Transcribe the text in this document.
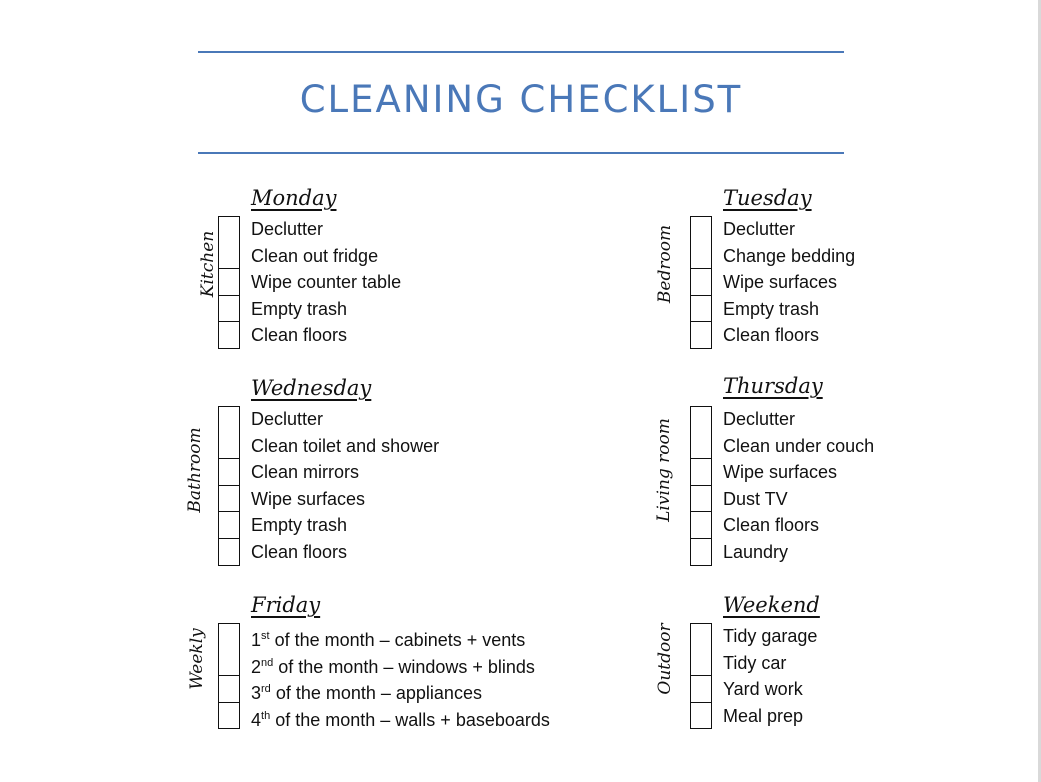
CLEANING CHECKLIST
Monday
Kitchen
Declutter
Clean out fridge
Wipe counter table
Empty trash
Clean floors
Tuesday
Bedroom	Declutter
Change bedding
Wipe surfaces
Empty trash
Clean floors
Wednesday
Bathroom
Declutter
Clean toilet and shower
Clean mirrors
Wipe surfaces
Empty trash
Clean floors
Thursday
Living room	Declutter
Clean under couch
Wipe surfaces
Dust TV
Clean floors
Laundry
Friday
Weekly 1st of the month – cabinets + vents
2nd of the month – windows + blinds
3rd of the month – appliances
4th of the month – walls + baseboards
Weekend
Outdoor	Tidy garage
Tidy car
Yard work
Meal prep
